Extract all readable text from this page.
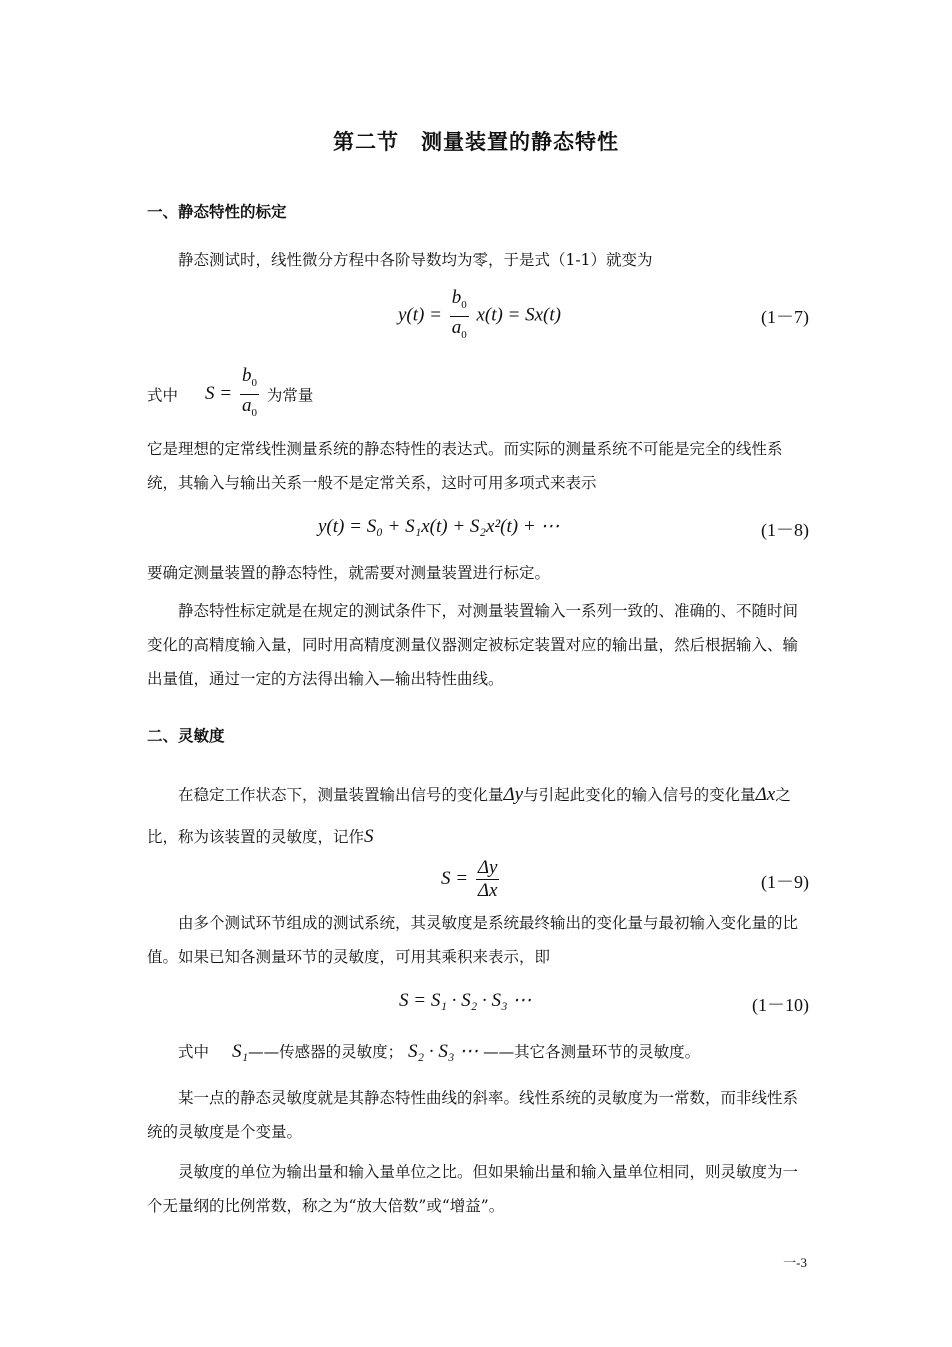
第二节　测量装置的静态特性
一、静态特性的标定
静态测试时，线性微分方程中各阶导数均为零，于是式（1-1）就变为
$y(t) = \frac{b_0}{a_0} x(t) = Sx(t)$	(1－7)
式中 $S = \frac{b_0}{a_0}$ 为常量
它是理想的定常线性测量系统的静态特性的表达式。而实际的测量系统不可能是完全的线性系统，其输入与输出关系一般不是定常关系，这时可用多项式来表示
y(t) = S₀ + S₁x(t) + S₂x²(t) + ⋯	(1－8)
要确定测量装置的静态特性，就需要对测量装置进行标定。
静态特性标定就是在规定的测试条件下，对测量装置输入一系列一致的、准确的、不随时间变化的高精度输入量，同时用高精度测量仪器测定被标定装置对应的输出量，然后根据输入、输出量值，通过一定的方法得出输入—输出特性曲线。
二、灵敏度
在稳定工作状态下，测量装置输出信号的变化量Δy与引起此变化的输入信号的变化量Δx之比，称为该装置的灵敏度，记作S
$S = \frac{\Delta y}{\Delta x}$	(1－9)
由多个测试环节组成的测试系统，其灵敏度是系统最终输出的变化量与最初输入变化量的比值。如果已知各测量环节的灵敏度，可用其乘积来表示，即
S = S₁ · S₂ · S₃ ⋯	(1－10)
式中 S₁——传感器的灵敏度； S₂ · S₃ ⋯ ——其它各测量环节的灵敏度。
某一点的静态灵敏度就是其静态特性曲线的斜率。线性系统的灵敏度为一常数，而非线性系统的灵敏度是个变量。
灵敏度的单位为输出量和输入量单位之比。但如果输出量和输入量单位相同，则灵敏度为一个无量纲的比例常数，称之为“放大倍数”或“增益”。
一-3
